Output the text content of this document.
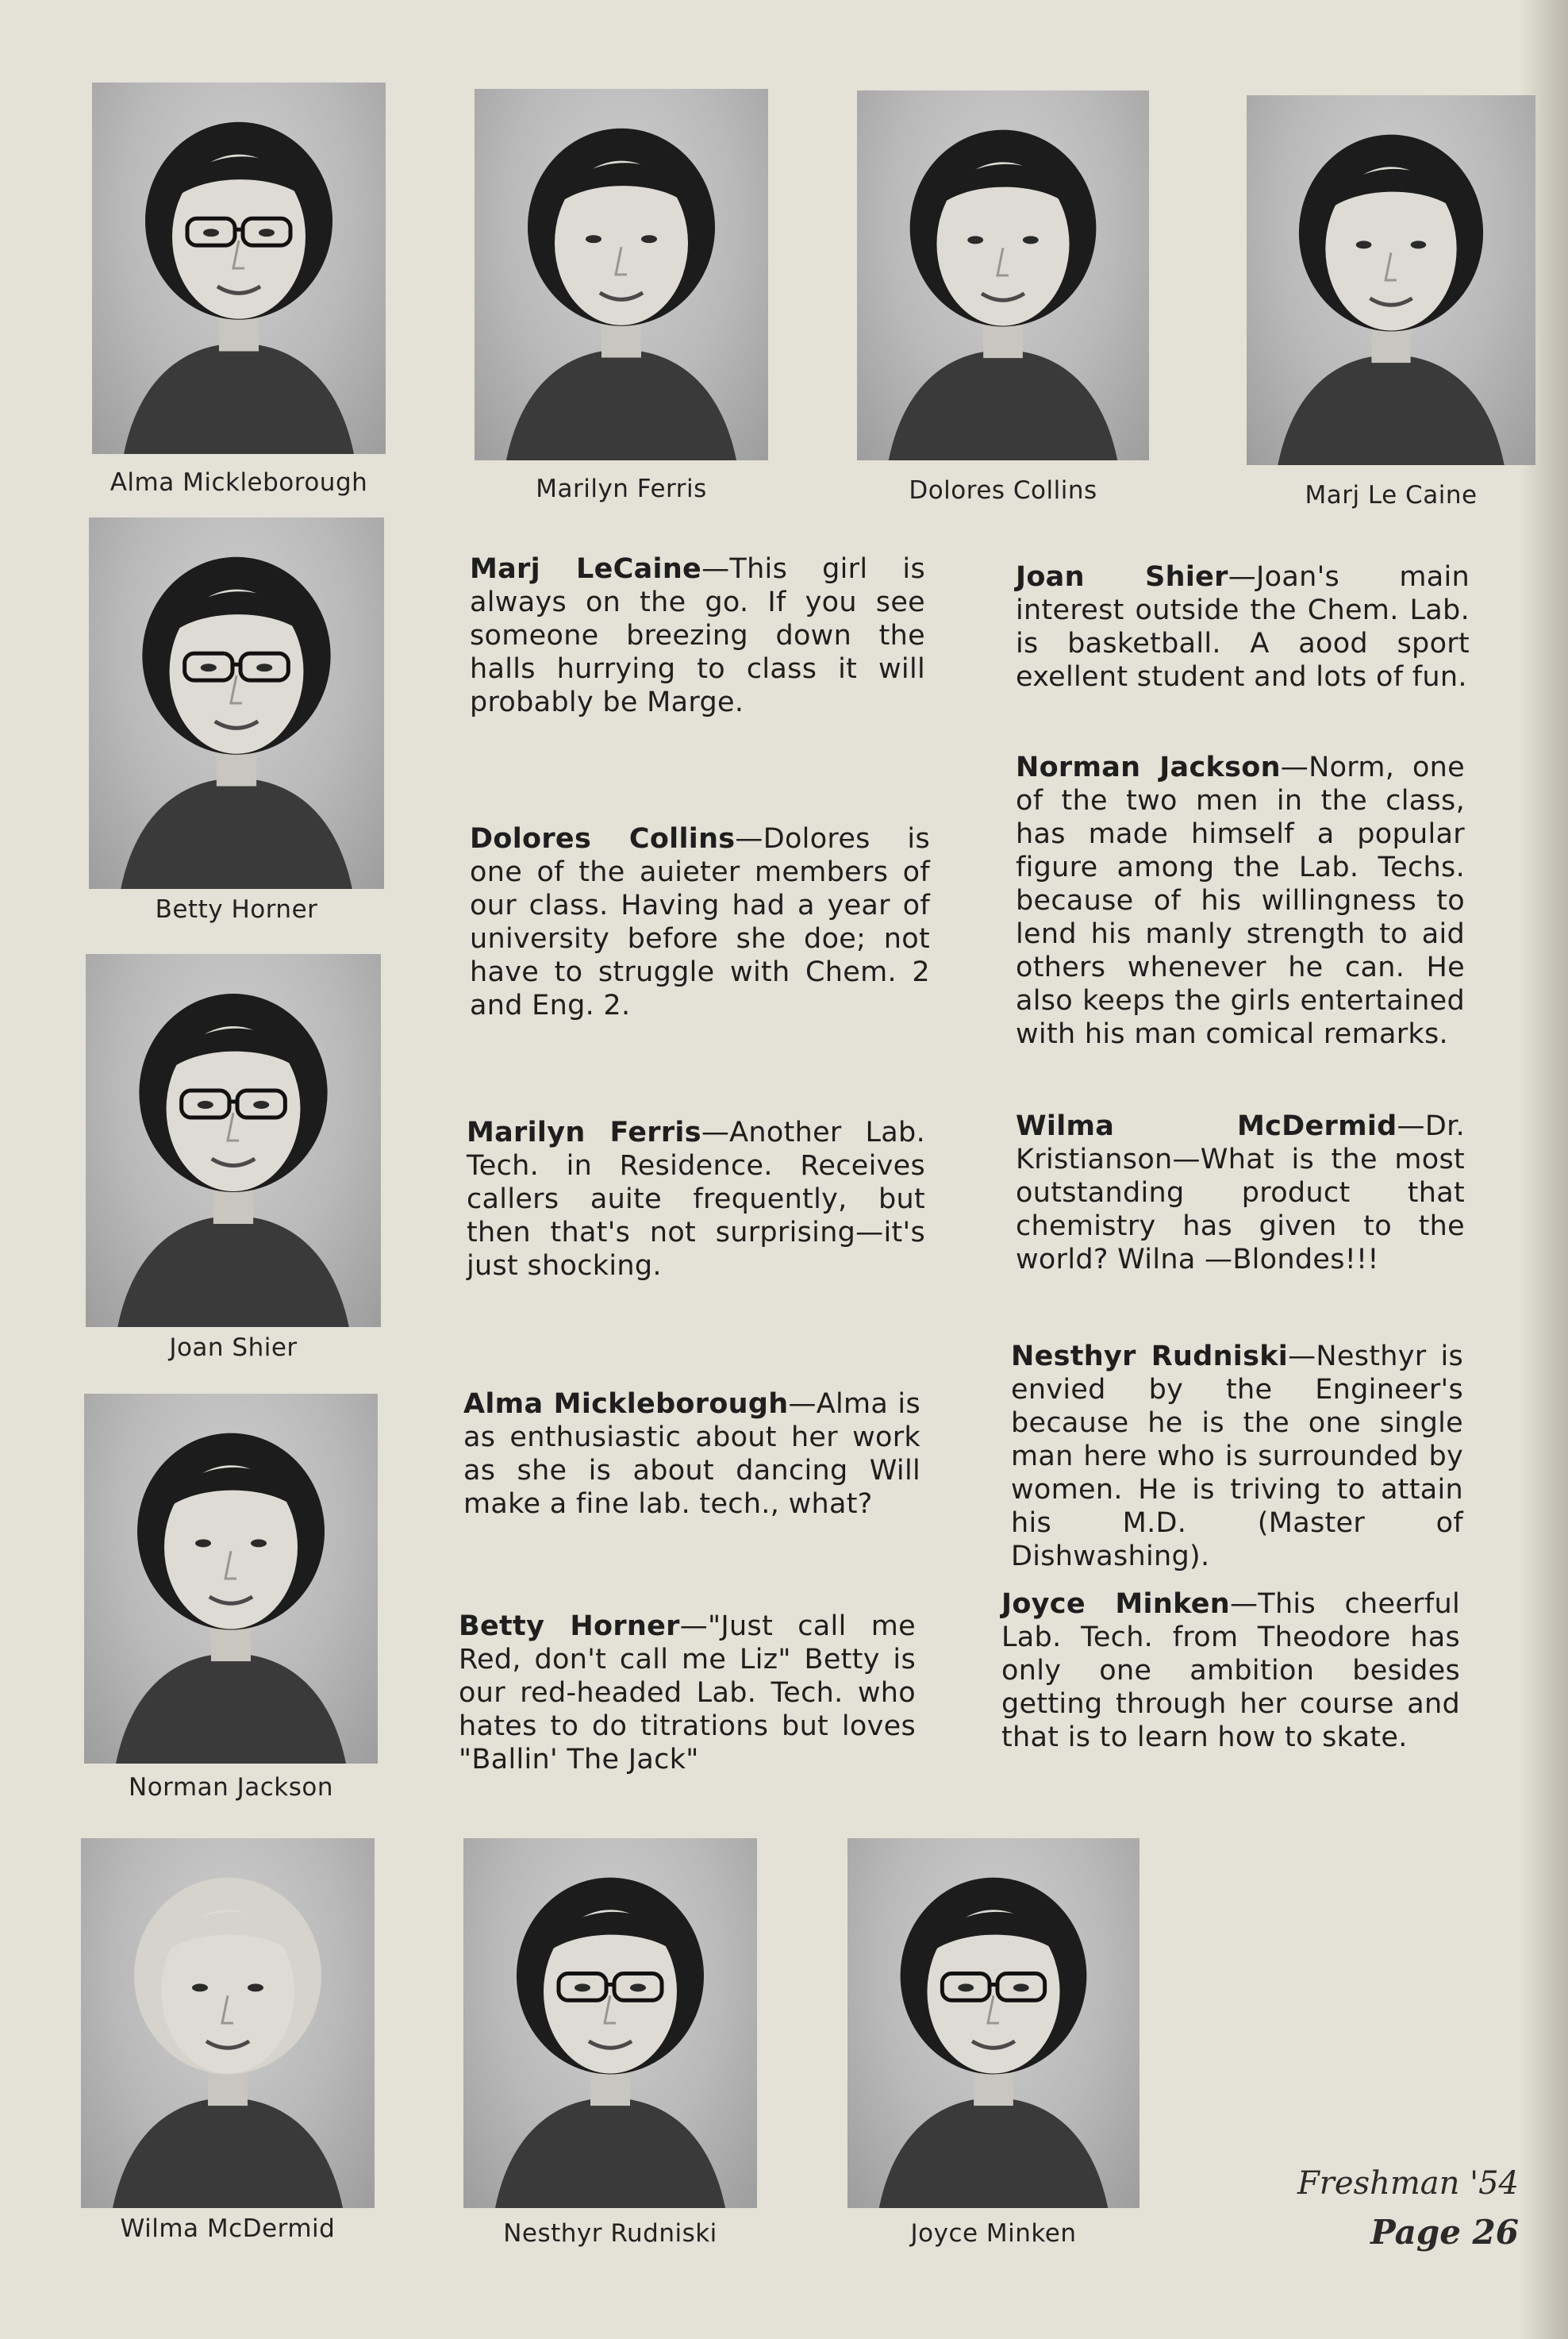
Alma Mickleborough	Marilyn Ferris	Dolores Collins	Marj Le Caine
Betty Horner
Joan Shier
Norman Jackson
Wilma McDermid	Nesthyr Rudniski	Joyce Minken
Marj LeCaine—This girl is always on the go. If you see someone breezing down the halls hurrying to class it will probably be Marge.
Dolores Collins—Dolores is one of the auieter members of our class. Having had a year of university before she doe; not have to struggle with Chem. 2 and Eng. 2.
Marilyn Ferris—Another Lab. Tech. in Residence. Receives callers auite frequently, but then that's not surprising—it's just shocking.
Alma Mickleborough—Alma is as enthusiastic about her work as she is about dancing Will make a fine lab. tech., what?
Betty Horner—"Just call me Red, don't call me Liz" Betty is our red-headed Lab. Tech. who hates to do titrations but loves "Ballin' The Jack"
Joan Shier—Joan's main interest outside the Chem. Lab. is basketball. A aood sport exellent student and lots of fun.
Norman Jackson—Norm, one of the two men in the class, has made himself a popular figure among the Lab. Techs. because of his willingness to lend his manly strength to aid others whenever he can. He also keeps the girls entertained with his man comical remarks.
Wilma McDermid—Dr. Kristianson—What is the most outstanding product that chemistry has given to the world? Wilna —Blondes!!!
Nesthyr Rudniski—Nesthyr is envied by the Engineer's because he is the one single man here who is surrounded by women. He is triving to attain his M.D. (Master of Dishwashing).
Joyce Minken—This cheerful Lab. Tech. from Theodore has only one ambition besides getting through her course and that is to learn how to skate.
Freshman '54
Page 26
